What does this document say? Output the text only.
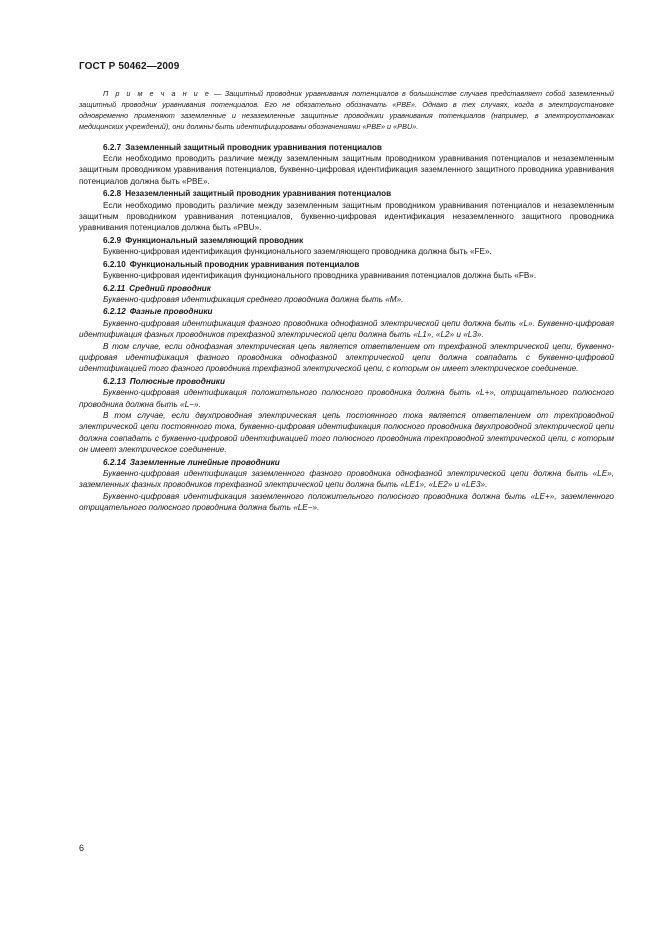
ГОСТ Р 50462—2009

П р и м е ч а н и е — Защитный проводник уравнивания потенциалов в большинстве случаев представляет собой заземленный защитный проводник уравнивания потенциалов. Его не обязательно обозначать «PBE». Однако в тех случаях, когда в электроустановке одновременно применяют заземленные и незаземленные защитные проводники уравнивания потенциалов (например, в электроустановках медицинских учреждений), они должны быть идентифицированы обозначениями «PBE» и «PBU».

6.2.7 Заземленный защитный проводник уравнивания потенциалов

Если необходимо проводить различие между заземленным защитным проводником уравнивания потенциалов и незаземленным защитным проводником уравнивания потенциалов, буквенно-цифровая идентификация заземленного защитного проводника уравнивания потенциалов должна быть «PBE».

6.2.8 Незаземленный защитный проводник уравнивания потенциалов

Если необходимо проводить различие между заземленным защитным проводником уравнивания потенциалов и незаземленным защитным проводником уравнивания потенциалов, буквенно-цифровая идентификация незаземленного защитного проводника уравнивания потенциалов должна быть «PBU».

6.2.9 Функциональный заземляющий проводник

Буквенно-цифровая идентификация функционального заземляющего проводника должна быть «FE».

6.2.10 Функциональный проводник уравнивания потенциалов

Буквенно-цифровая идентификация функционального проводника уравнивания потенциалов должна быть «FB».

6.2.11 Средний проводник

Буквенно-цифровая идентификация среднего проводника должна быть «M».

6.2.12 Фазные проводники

Буквенно-цифровая идентификация фазного проводника однофазной электрической цепи должна быть «L». Буквенно-цифровая идентификация фазных проводников трехфазной электрической цепи должна быть «L1», «L2» и «L3».

В том случае, если однофазная электрическая цепь является ответвлением от трехфазной электрической цепи, буквенно-цифровая идентификация фазного проводника однофазной электрической цепи должна совпадать с буквенно-цифровой идентификацией того фазного проводника трехфазной электрической цепи, с которым он имеет электрическое соединение.

6.2.13 Полюсные проводники

Буквенно-цифровая идентификация положительного полюсного проводника должна быть «L+», отрицательного полюсного проводника должна быть «L−».

В том случае, если двухпроводная электрическая цепь постоянного тока является ответвлением от трехпроводной электрической цепи постоянного тока, буквенно-цифровая идентификация полюсного проводника двухпроводной электрической цепи должна совпадать с буквенно-цифровой идентификацией того полюсного проводника трехпроводной электрической цепи, с которым он имеет электрическое соединение.

6.2.14 Заземленные линейные проводники

Буквенно-цифровая идентификация заземленного фазного проводника однофазной электрической цепи должна быть «LE», заземленных фазных проводников трехфазной электрической цепи должна быть «LE1», «LE2» и «LE3».

Буквенно-цифровая идентификация заземленного положительного полюсного проводника должна быть «LE+», заземленного отрицательного полюсного проводника должна быть «LE−».

6
